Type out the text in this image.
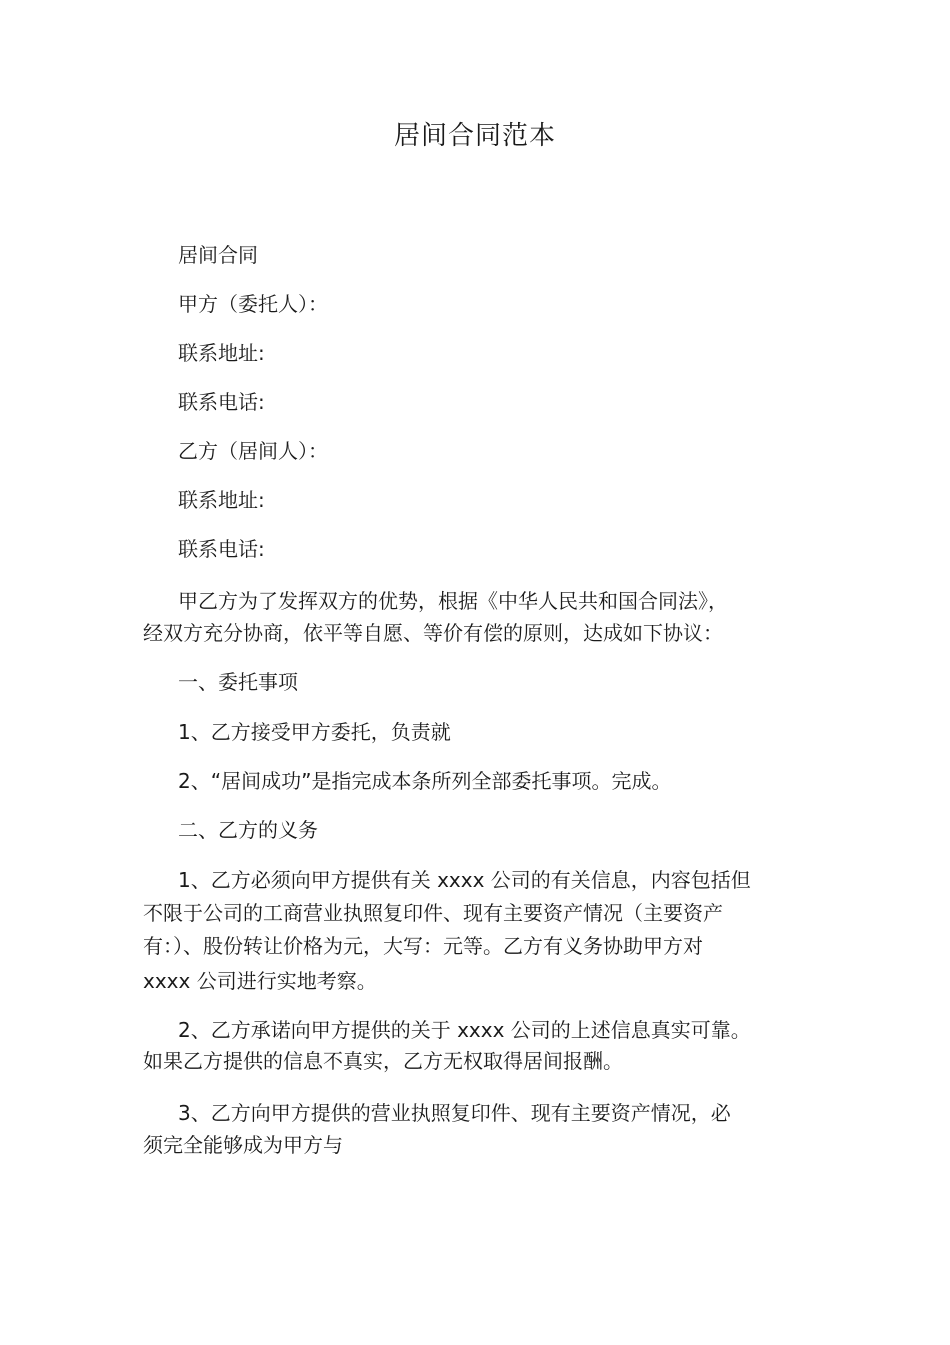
居间合同范本
居间合同
甲方（委托人）：
联系地址:
联系电话:
乙方（居间人）：
联系地址:
联系电话:
甲乙方为了发挥双方的优势，根据《中华人民共和国合同法》，
经双方充分协商，依平等自愿、等价有偿的原则，达成如下协议：
一、委托事项
1、乙方接受甲方委托，负责就
2、“居间成功”是指完成本条所列全部委托事项。完成。
二、乙方的义务
1、乙方必须向甲方提供有关 xxxx 公司的有关信息，内容包括但
不限于公司的工商营业执照复印件、现有主要资产情况（主要资产
有：）、股份转让价格为元，大写：元等。乙方有义务协助甲方对
xxxx 公司进行实地考察。
2、乙方承诺向甲方提供的关于 xxxx 公司的上述信息真实可靠。
如果乙方提供的信息不真实，乙方无权取得居间报酬。
3、乙方向甲方提供的营业执照复印件、现有主要资产情况，必
须完全能够成为甲方与
